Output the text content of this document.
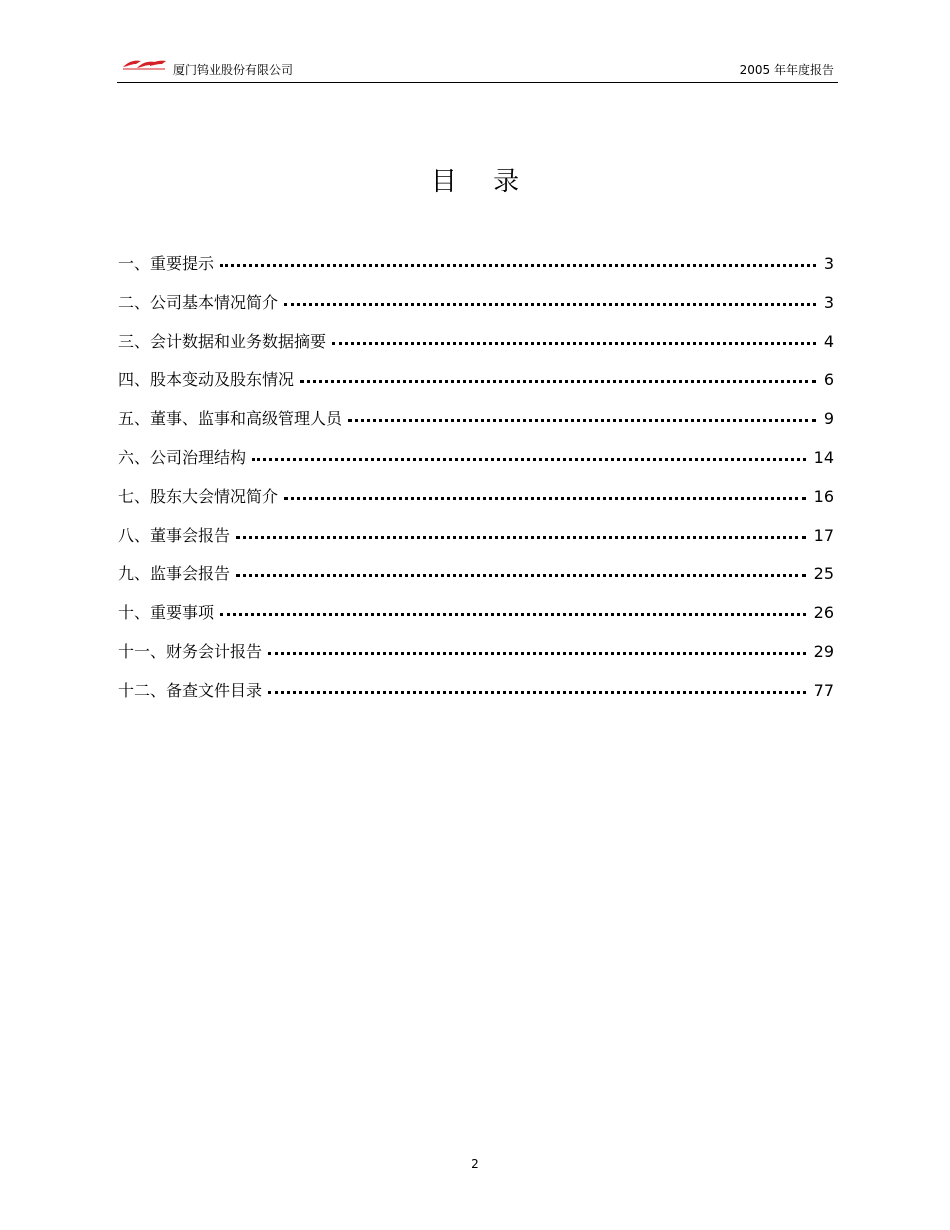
厦门钨业股份有限公司	2005 年年度报告
目 录
一、重要提示	3
二、公司基本情况简介	3
三、会计数据和业务数据摘要	4
四、股本变动及股东情况	6
五、董事、监事和高级管理人员	9
六、公司治理结构	14
七、股东大会情况简介	16
八、董事会报告	17
九、监事会报告	25
十、重要事项	26
十一、财务会计报告	29
十二、备查文件目录	77
2
